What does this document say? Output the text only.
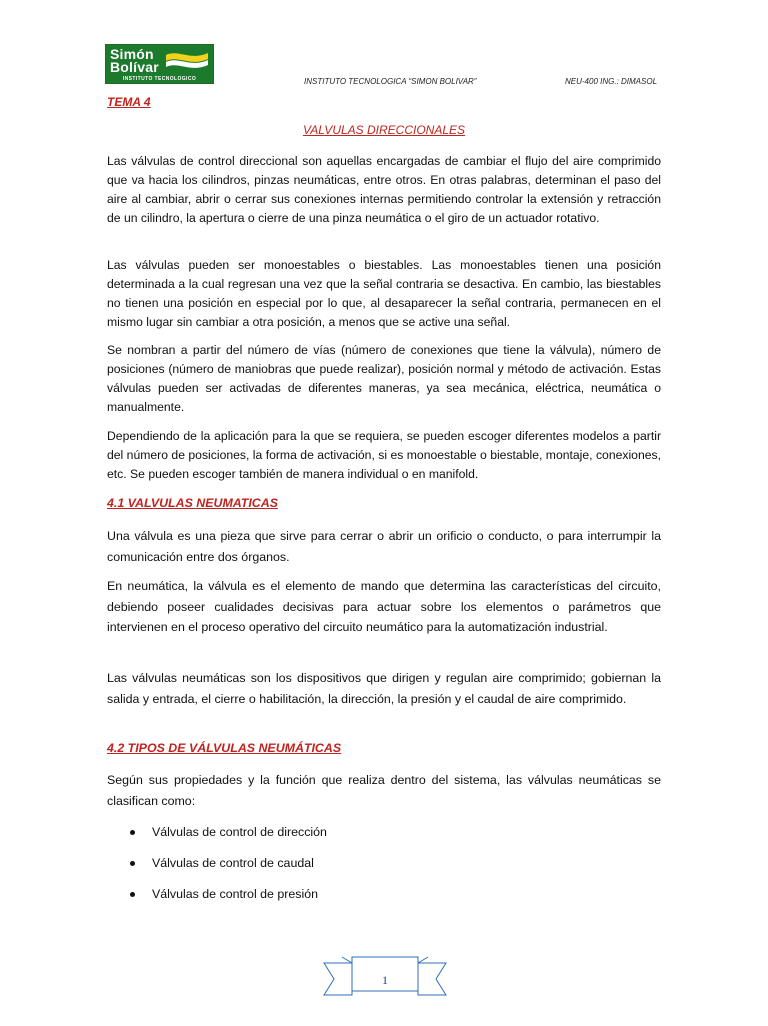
Simón
Bolívar
INSTITUTO TECNOLOGICO	INSTITUTO TECNOLOGICA “SIMON BOLIVAR”	NEU-400 ING.: DIMASOL
TEMA 4
VALVULAS DIRECCIONALES
Las válvulas de control direccional son aquellas encargadas de cambiar el flujo del aire comprimido que va hacia los cilindros, pinzas neumáticas, entre otros. En otras palabras, determinan el paso del aire al cambiar, abrir o cerrar sus conexiones internas permitiendo controlar la extensión y retracción de un cilindro, la apertura o cierre de una pinza neumática o el giro de un actuador rotativo.
Las válvulas pueden ser monoestables o biestables. Las monoestables tienen una posición determinada a la cual regresan una vez que la señal contraria se desactiva. En cambio, las biestables no tienen una posición en especial por lo que, al desaparecer la señal contraria, permanecen en el mismo lugar sin cambiar a otra posición, a menos que se active una señal.
Se nombran a partir del número de vías (número de conexiones que tiene la válvula), número de posiciones (número de maniobras que puede realizar), posición normal y método de activación. Estas válvulas pueden ser activadas de diferentes maneras, ya sea mecánica, eléctrica, neumática o manualmente.
Dependiendo de la aplicación para la que se requiera, se pueden escoger diferentes modelos a partir del número de posiciones, la forma de activación, si es monoestable o biestable, montaje, conexiones, etc. Se pueden escoger también de manera individual o en manifold.
4.1 VALVULAS NEUMATICAS
Una válvula es una pieza que sirve para cerrar o abrir un orificio o conducto, o para interrumpir la comunicación entre dos órganos.
En neumática, la válvula es el elemento de mando que determina las características del circuito, debiendo poseer cualidades decisivas para actuar sobre los elementos o parámetros que intervienen en el proceso operativo del circuito neumático para la automatización industrial.
Las válvulas neumáticas son los dispositivos que dirigen y regulan aire comprimido; gobiernan la salida y entrada, el cierre o habilitación, la dirección, la presión y el caudal de aire comprimido.
4.2 TIPOS DE VÁLVULAS NEUMÁTICAS
Según sus propiedades y la función que realiza dentro del sistema, las válvulas neumáticas se clasifican como:
Válvulas de control de dirección
Válvulas de control de caudal
Válvulas de control de presión
1
